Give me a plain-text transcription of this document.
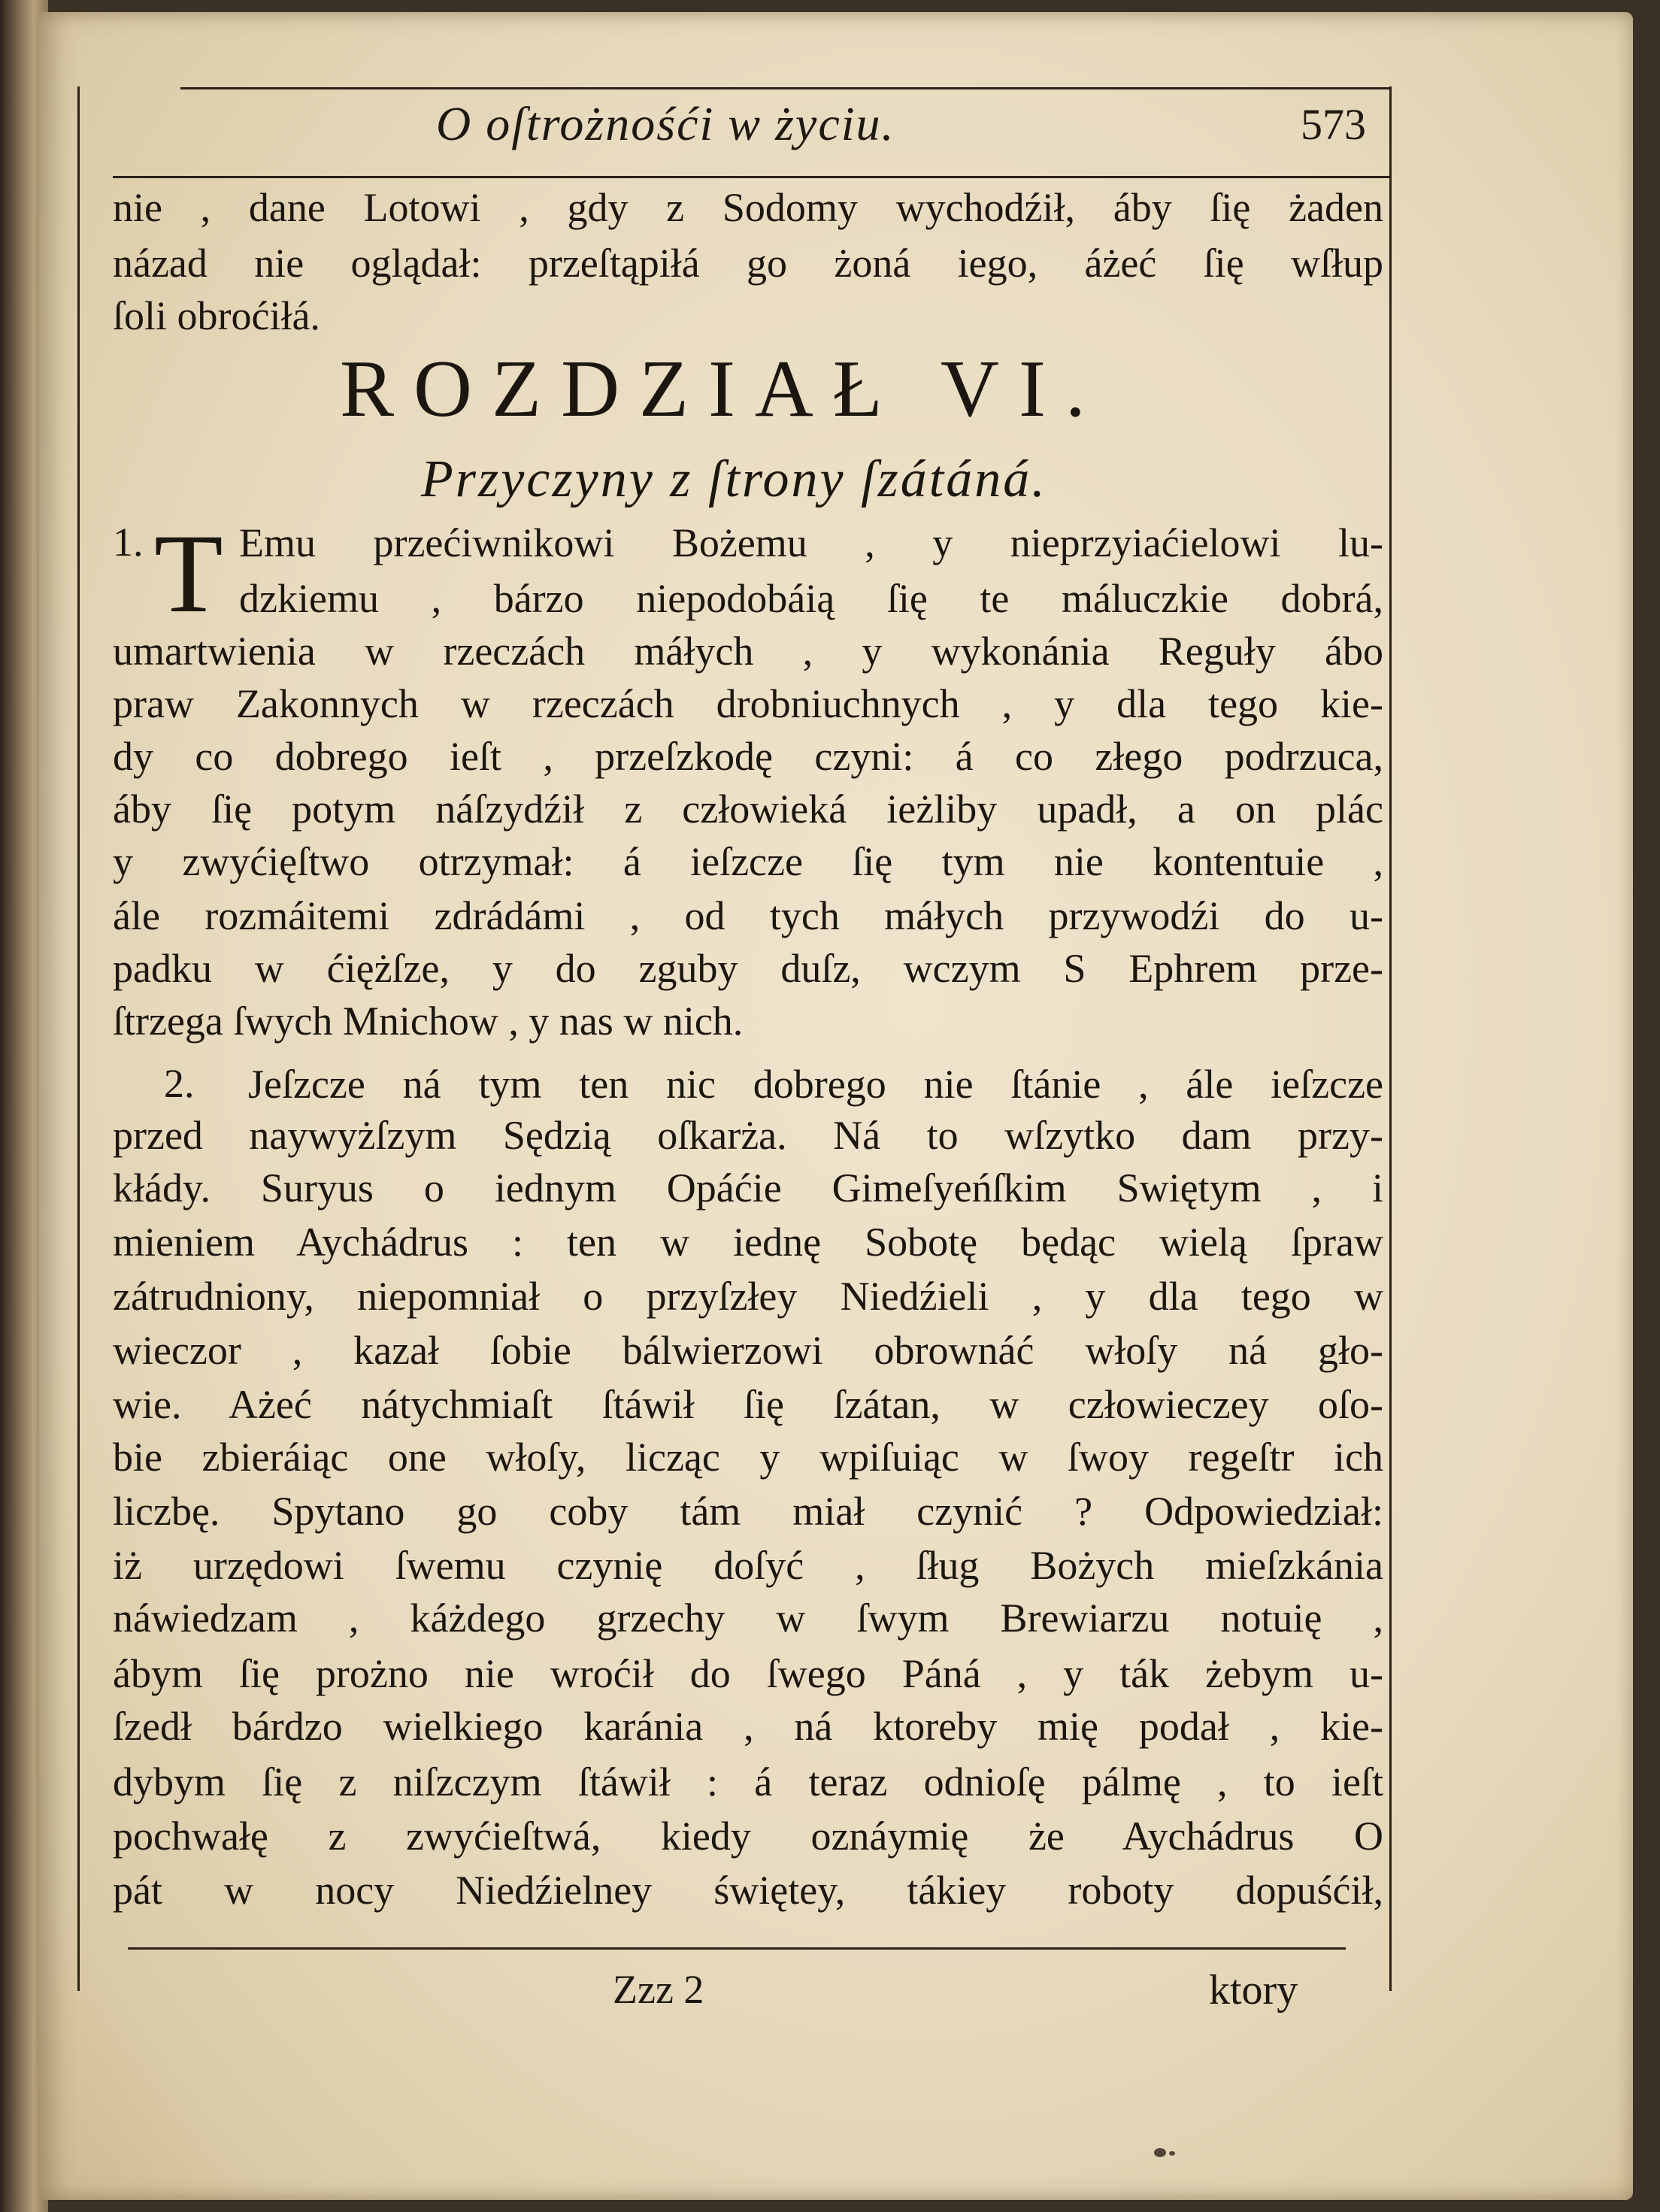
O oſtrożnośći w życiu.	573
nie , dane Lotowi , gdy z Sodomy wychodźił, áby ſię żaden
názad nie oglądał: przeſtąpiłá go żoná iego, áżeć ſię wſłup
ſoli obroćiłá.
ROZDZIAŁ VI.
Przyczyny z ſtrony ſzátáná.
1. T Emu przećiwnikowi Bożemu , y nieprzyiaćielowi lu-
dzkiemu , bárzo niepodobáią ſię te máluczkie dobrá,
umartwienia w rzeczách máłych , y wykonánia Reguły ábo
praw Zakonnych w rzeczách drobniuchnych , y dla tego kie-
dy co dobrego ieſt , przeſzkodę czyni: á co złego podrzuca,
áby ſię potym náſzydźił z człowieká ieżliby upadł, a on plác
y zwyćięſtwo otrzymał: á ieſzcze ſię tym nie kontentuie ,
ále rozmáitemi zdrádámi , od tych máłych przywodźi do u-
padku w ćiężſze, y do zguby duſz, wczym S Ephrem prze-
ſtrzega ſwych Mnichow , y nas w nich.
2. Jeſzcze ná tym ten nic dobrego nie ſtánie , ále ieſzcze
przed naywyżſzym Sędzią oſkarża. Ná to wſzytko dam przy-
kłády. Suryus o iednym Opáćie Gimeſyeńſkim Swiętym , i
mieniem Aychádrus : ten w iednę Sobotę będąc wielą ſpraw
zátrudniony, niepomniał o przyſzłey Niedźieli , y dla tego w
wieczor , kazał ſobie bálwierzowi obrownáć włoſy ná gło-
wie. Ażeć nátychmiaſt ſtáwił ſię ſzátan, w człowieczey oſo-
bie zbieráiąc one włoſy, licząc y wpiſuiąc w ſwoy regeſtr ich
liczbę. Spytano go coby tám miał czynić ? Odpowiedział:
iż urzędowi ſwemu czynię doſyć , ſług Bożych mieſzkánia
náwiedzam , káżdego grzechy w ſwym Brewiarzu notuię ,
ábym ſię prożno nie wroćił do ſwego Páná , y ták żebym u-
ſzedł bárdzo wielkiego karánia , ná ktoreby mię podał , kie-
dybym ſię z niſzczym ſtáwił : á teraz odnioſę pálmę , to ieſt
pochwałę z zwyćieſtwá, kiedy oznáymię że Aychádrus O
pát w nocy Niedźielney świętey, tákiey roboty dopuśćił,
Zzz 2	ktory
